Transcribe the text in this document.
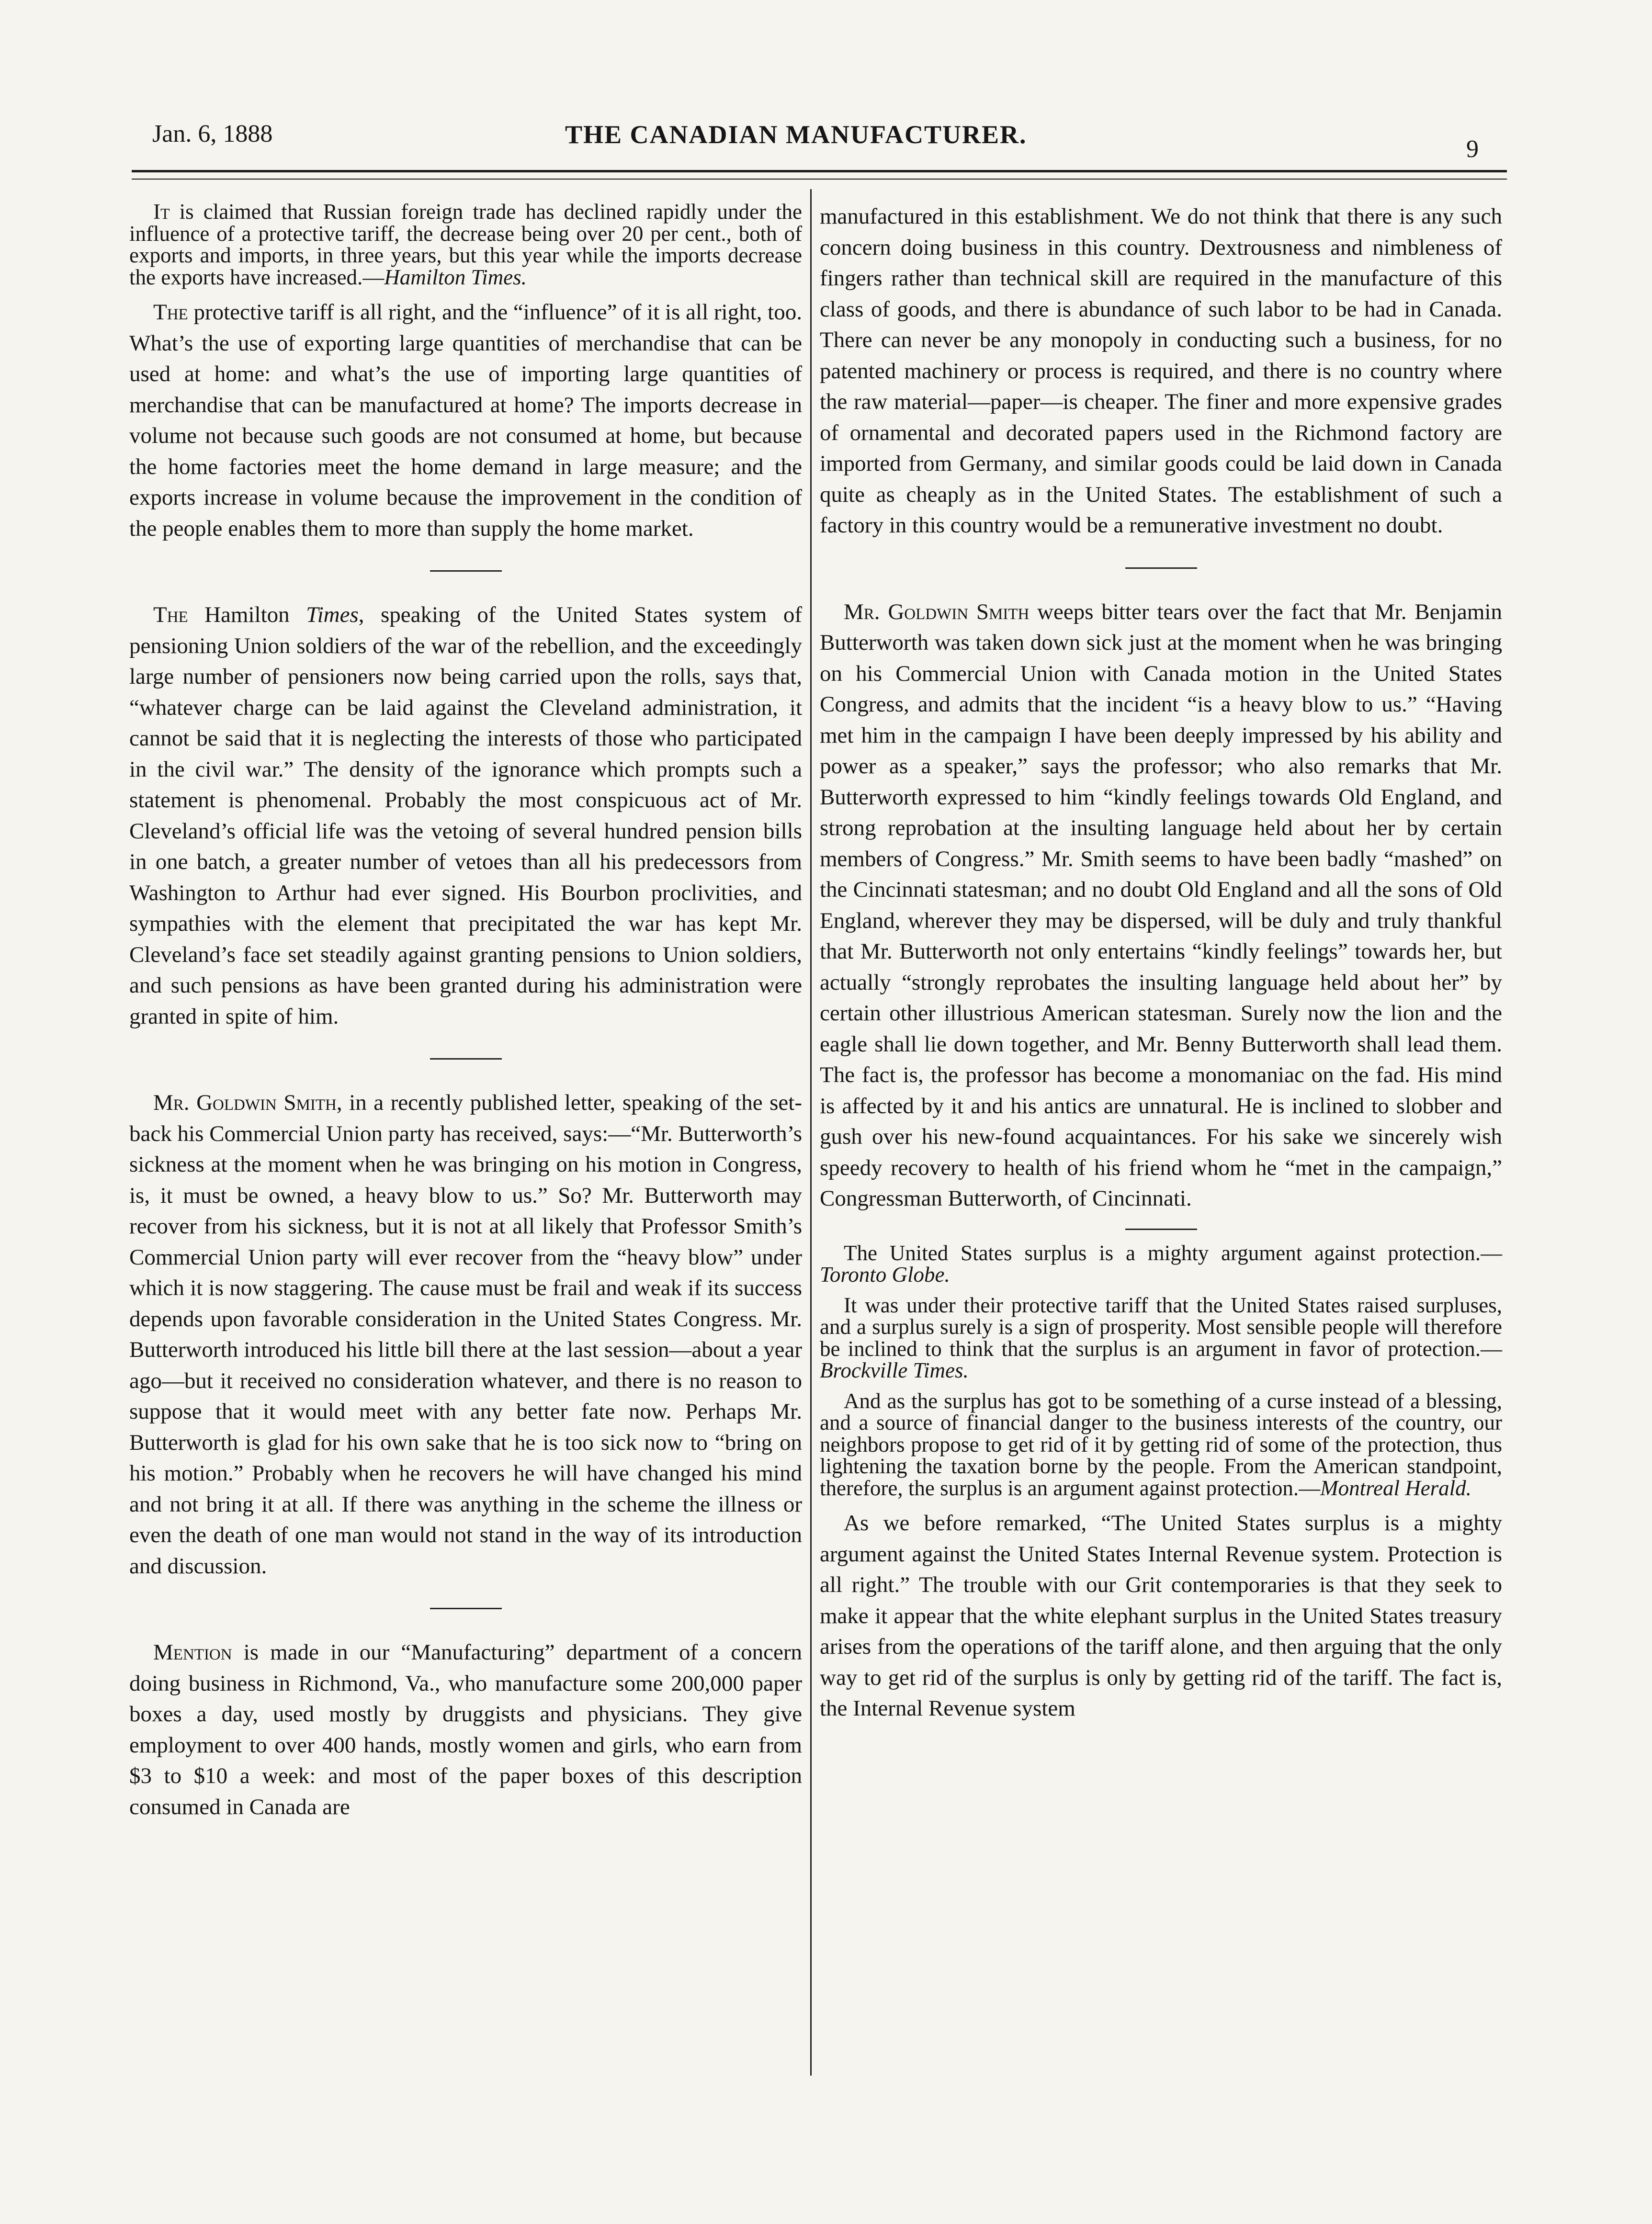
Jan. 6, 1888	THE CANADIAN MANUFACTURER.
9

It is claimed that Russian foreign trade has declined rapidly under the influence of a protective tariff, the decrease being over 20 per cent., both of exports and imports, in three years, but this year while the imports decrease the exports have increased.—Hamilton Times.

The protective tariff is all right, and the “influence” of it is all right, too. What’s the use of exporting large quantities of merchandise that can be used at home: and what’s the use of importing large quantities of merchandise that can be manufactured at home? The imports decrease in volume not because such goods are not consumed at home, but because the home factories meet the home demand in large measure; and the exports increase in volume because the improvement in the condition of the people enables them to more than supply the home market.

The Hamilton Times, speaking of the United States system of pensioning Union soldiers of the war of the rebellion, and the exceedingly large number of pensioners now being carried upon the rolls, says that, “whatever charge can be laid against the Cleveland administration, it cannot be said that it is neglecting the interests of those who participated in the civil war.” The density of the ignorance which prompts such a statement is phenomenal. Probably the most conspicuous act of Mr. Cleveland’s official life was the vetoing of several hundred pension bills in one batch, a greater number of vetoes than all his predecessors from Washington to Arthur had ever signed. His Bourbon proclivities, and sympathies with the element that precipitated the war has kept Mr. Cleveland’s face set steadily against granting pensions to Union soldiers, and such pensions as have been granted during his administration were granted in spite of him.

Mr. Goldwin Smith, in a recently published letter, speaking of the set-back his Commercial Union party has received, says:—“Mr. Butterworth’s sickness at the moment when he was bringing on his motion in Congress, is, it must be owned, a heavy blow to us.” So? Mr. Butterworth may recover from his sickness, but it is not at all likely that Professor Smith’s Commercial Union party will ever recover from the “heavy blow” under which it is now staggering. The cause must be frail and weak if its success depends upon favorable consideration in the United States Congress. Mr. Butterworth introduced his little bill there at the last session—about a year ago—but it received no consideration whatever, and there is no reason to suppose that it would meet with any better fate now. Perhaps Mr. Butterworth is glad for his own sake that he is too sick now to “bring on his motion.” Probably when he recovers he will have changed his mind and not bring it at all. If there was anything in the scheme the illness or even the death of one man would not stand in the way of its introduction and discussion.

Mention is made in our “Manufacturing” department of a concern doing business in Richmond, Va., who manufacture some 200,000 paper boxes a day, used mostly by druggists and physicians. They give employment to over 400 hands, mostly women and girls, who earn from $3 to $10 a week: and most of the paper boxes of this description consumed in Canada are

manufactured in this establishment. We do not think that there is any such concern doing business in this country. Dextrousness and nimbleness of fingers rather than technical skill are required in the manufacture of this class of goods, and there is abundance of such labor to be had in Canada. There can never be any monopoly in conducting such a business, for no patented machinery or process is required, and there is no country where the raw material—paper—is cheaper. The finer and more expensive grades of ornamental and decorated papers used in the Richmond factory are imported from Germany, and similar goods could be laid down in Canada quite as cheaply as in the United States. The establishment of such a factory in this country would be a remunerative investment no doubt.

Mr. Goldwin Smith weeps bitter tears over the fact that Mr. Benjamin Butterworth was taken down sick just at the moment when he was bringing on his Commercial Union with Canada motion in the United States Congress, and admits that the incident “is a heavy blow to us.” “Having met him in the campaign I have been deeply impressed by his ability and power as a speaker,” says the professor; who also remarks that Mr. Butterworth expressed to him “kindly feelings towards Old England, and strong reprobation at the insulting language held about her by certain members of Congress.” Mr. Smith seems to have been badly “mashed” on the Cincinnati statesman; and no doubt Old England and all the sons of Old England, wherever they may be dispersed, will be duly and truly thankful that Mr. Butterworth not only entertains “kindly feelings” towards her, but actually “strongly reprobates the insulting language held about her” by certain other illustrious American statesman. Surely now the lion and the eagle shall lie down together, and Mr. Benny Butterworth shall lead them. The fact is, the professor has become a monomaniac on the fad. His mind is affected by it and his antics are unnatural. He is inclined to slobber and gush over his new-found acquaintances. For his sake we sincerely wish speedy recovery to health of his friend whom he “met in the campaign,” Congressman Butterworth, of Cincinnati.

The United States surplus is a mighty argument against protection.—Toronto Globe.

It was under their protective tariff that the United States raised surpluses, and a surplus surely is a sign of prosperity. Most sensible people will therefore be inclined to think that the surplus is an argument in favor of protection.—Brockville Times.

And as the surplus has got to be something of a curse instead of a blessing, and a source of financial danger to the business interests of the country, our neighbors propose to get rid of it by getting rid of some of the protection, thus lightening the taxation borne by the people. From the American standpoint, therefore, the surplus is an argument against protection.—Montreal Herald.

As we before remarked, “The United States surplus is a mighty argument against the United States Internal Revenue system. Protection is all right.” The trouble with our Grit contemporaries is that they seek to make it appear that the white elephant surplus in the United States treasury arises from the operations of the tariff alone, and then arguing that the only way to get rid of the surplus is only by getting rid of the tariff. The fact is, the Internal Revenue system
